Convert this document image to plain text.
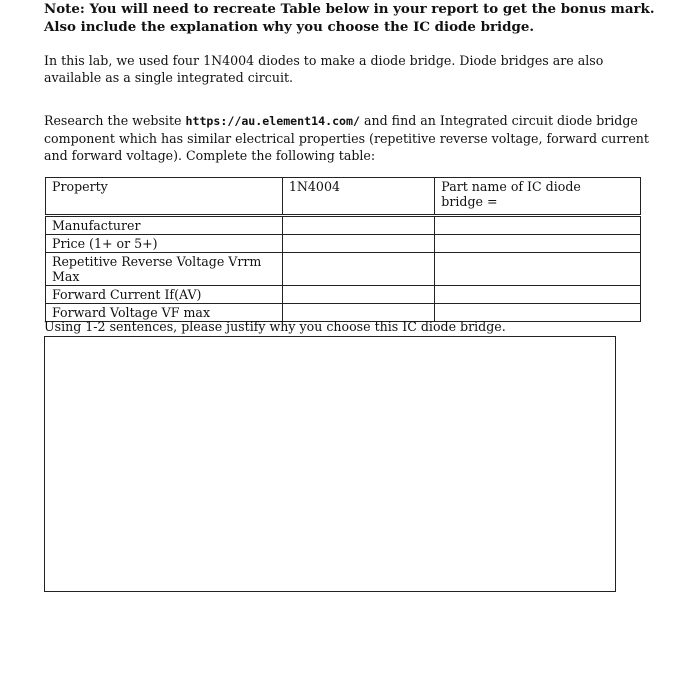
Note: You will need to recreate Table below in your report to get the bonus mark. Also include the explanation why you choose the IC diode bridge.
In this lab, we used four 1N4004 diodes to make a diode bridge. Diode bridges are also available as a single integrated circuit.
Research the website https://au.element14.com/ and find an Integrated circuit diode bridge component which has similar electrical properties (repetitive reverse voltage, forward current and forward voltage). Complete the following table:
Property	1N4004	Part name of IC diode bridge =
Manufacturer		
Price (1+ or 5+)		
Repetitive Reverse Voltage Vrrm Max		
Forward Current If(AV)		
Forward Voltage VF max		
Using 1-2 sentences, please justify why you choose this IC diode bridge.
